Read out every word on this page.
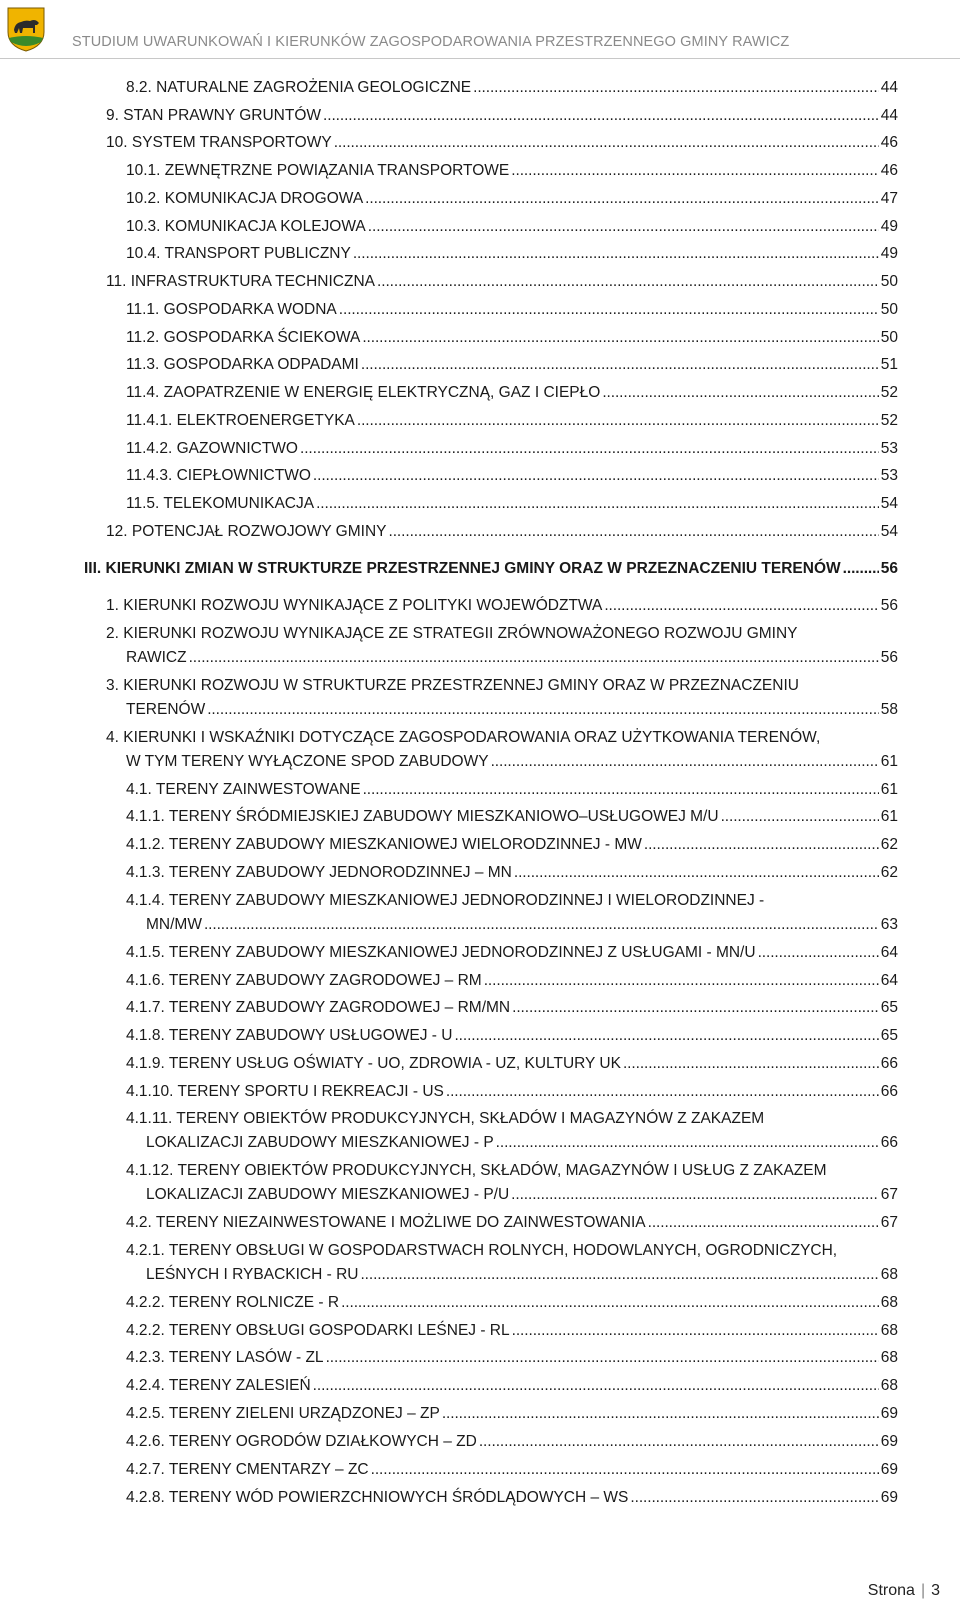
STUDIUM UWARUNKOWAŃ I KIERUNKÓW ZAGOSPODAROWANIA PRZESTRZENNEGO GMINY RAWICZ
8.2. NATURALNE ZAGROŻENIA GEOLOGICZNE . . .	44
9. STAN PRAWNY GRUNTÓW . . .	44
10. SYSTEM TRANSPORTOWY . . .	46
10.1. ZEWNĘTRZNE POWIĄZANIA TRANSPORTOWE . . .	46
10.2. KOMUNIKACJA DROGOWA . . .	47
10.3. KOMUNIKACJA KOLEJOWA . . .	49
10.4. TRANSPORT PUBLICZNY . . .	49
11. INFRASTRUKTURA TECHNICZNA . . .	50
11.1. GOSPODARKA WODNA . . .	50
11.2. GOSPODARKA ŚCIEKOWA . . .	50
11.3. GOSPODARKA ODPADAMI . . .	51
11.4. ZAOPATRZENIE W ENERGIĘ ELEKTRYCZNĄ, GAZ I CIEPŁO . . .	52
11.4.1. ELEKTROENERGETYKA . . .	52
11.4.2. GAZOWNICTWO . . .	53
11.4.3. CIEPŁOWNICTWO . . .	53
11.5. TELEKOMUNIKACJA . . .	54
12. POTENCJAŁ ROZWOJOWY GMINY . . .	54
III. KIERUNKI ZMIAN W STRUKTURZE PRZESTRZENNEJ GMINY ORAZ W PRZEZNACZENIU TERENÓW . . .	56
1. KIERUNKI ROZWOJU WYNIKAJĄCE Z POLITYKI WOJEWÓDZTWA . . .	56
2. KIERUNKI ROZWOJU WYNIKAJĄCE ZE STRATEGII ZRÓWNOWAŻONEGO ROZWOJU GMINY
RAWICZ . . .	56
3. KIERUNKI ROZWOJU W STRUKTURZE PRZESTRZENNEJ GMINY ORAZ W PRZEZNACZENIU
TERENÓW . . .	58
4. KIERUNKI I WSKAŹNIKI DOTYCZĄCE ZAGOSPODAROWANIA ORAZ UŻYTKOWANIA TERENÓW,
W TYM TERENY WYŁĄCZONE SPOD ZABUDOWY . . .	61
4.1. TERENY ZAINWESTOWANE . . .	61
4.1.1. TERENY ŚRÓDMIEJSKIEJ ZABUDOWY MIESZKANIOWO–USŁUGOWEJ M/U . . .	61
4.1.2. TERENY ZABUDOWY MIESZKANIOWEJ WIELORODZINNEJ - MW . . .	62
4.1.3. TERENY ZABUDOWY JEDNORODZINNEJ – MN . . .	62
4.1.4. TERENY ZABUDOWY MIESZKANIOWEJ JEDNORODZINNEJ I WIELORODZINNEJ -
MN/MW . . .	63
4.1.5. TERENY ZABUDOWY MIESZKANIOWEJ JEDNORODZINNEJ Z USŁUGAMI - MN/U . . .	64
4.1.6. TERENY ZABUDOWY ZAGRODOWEJ – RM . . .	64
4.1.7. TERENY ZABUDOWY ZAGRODOWEJ – RM/MN . . .	65
4.1.8. TERENY ZABUDOWY USŁUGOWEJ - U . . .	65
4.1.9. TERENY USŁUG OŚWIATY - UO, ZDROWIA - UZ, KULTURY UK . . .	66
4.1.10. TERENY SPORTU I REKREACJI - US . . .	66
4.1.11. TERENY OBIEKTÓW PRODUKCYJNYCH, SKŁADÓW I MAGAZYNÓW Z ZAKAZEM
LOKALIZACJI ZABUDOWY MIESZKANIOWEJ - P . . .	66
4.1.12. TERENY OBIEKTÓW PRODUKCYJNYCH, SKŁADÓW, MAGAZYNÓW I USŁUG Z ZAKAZEM
LOKALIZACJI ZABUDOWY MIESZKANIOWEJ - P/U . . .	67
4.2. TERENY NIEZAINWESTOWANE I MOŻLIWE DO ZAINWESTOWANIA . . .	67
4.2.1. TERENY OBSŁUGI W GOSPODARSTWACH ROLNYCH, HODOWLANYCH, OGRODNICZYCH,
LEŚNYCH I RYBACKICH - RU . . .	68
4.2.2. TERENY ROLNICZE - R . . .	68
4.2.2. TERENY OBSŁUGI GOSPODARKI LEŚNEJ - RL . . .	68
4.2.3. TERENY LASÓW - ZL . . .	68
4.2.4. TERENY ZALESIEŃ . . .	68
4.2.5. TERENY ZIELENI URZĄDZONEJ – ZP . . .	69
4.2.6. TERENY OGRODÓW DZIAŁKOWYCH – ZD . . .	69
4.2.7. TERENY CMENTARZY – ZC . . .	69
4.2.8. TERENY WÓD POWIERZCHNIOWYCH ŚRÓDLĄDOWYCH – WS . . .	69
Strona | 3
